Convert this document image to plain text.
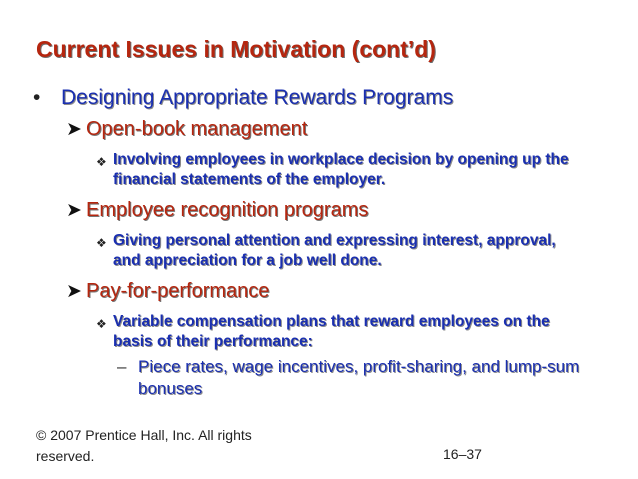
Current Issues in Motivation (cont’d)
• Designing Appropriate Rewards Programs
➤ Open-book management
❖ Involving employees in workplace decision by opening up the
financial statements of the employer.
➤ Employee recognition programs
❖ Giving personal attention and expressing interest, approval,
and appreciation for a job well done.
➤ Pay-for-performance
❖ Variable compensation plans that reward employees on the
basis of their performance:
– Piece rates, wage incentives, profit-sharing, and lump-sum
bonuses
© 2007 Prentice Hall, Inc. All rights
reserved.	16–37
